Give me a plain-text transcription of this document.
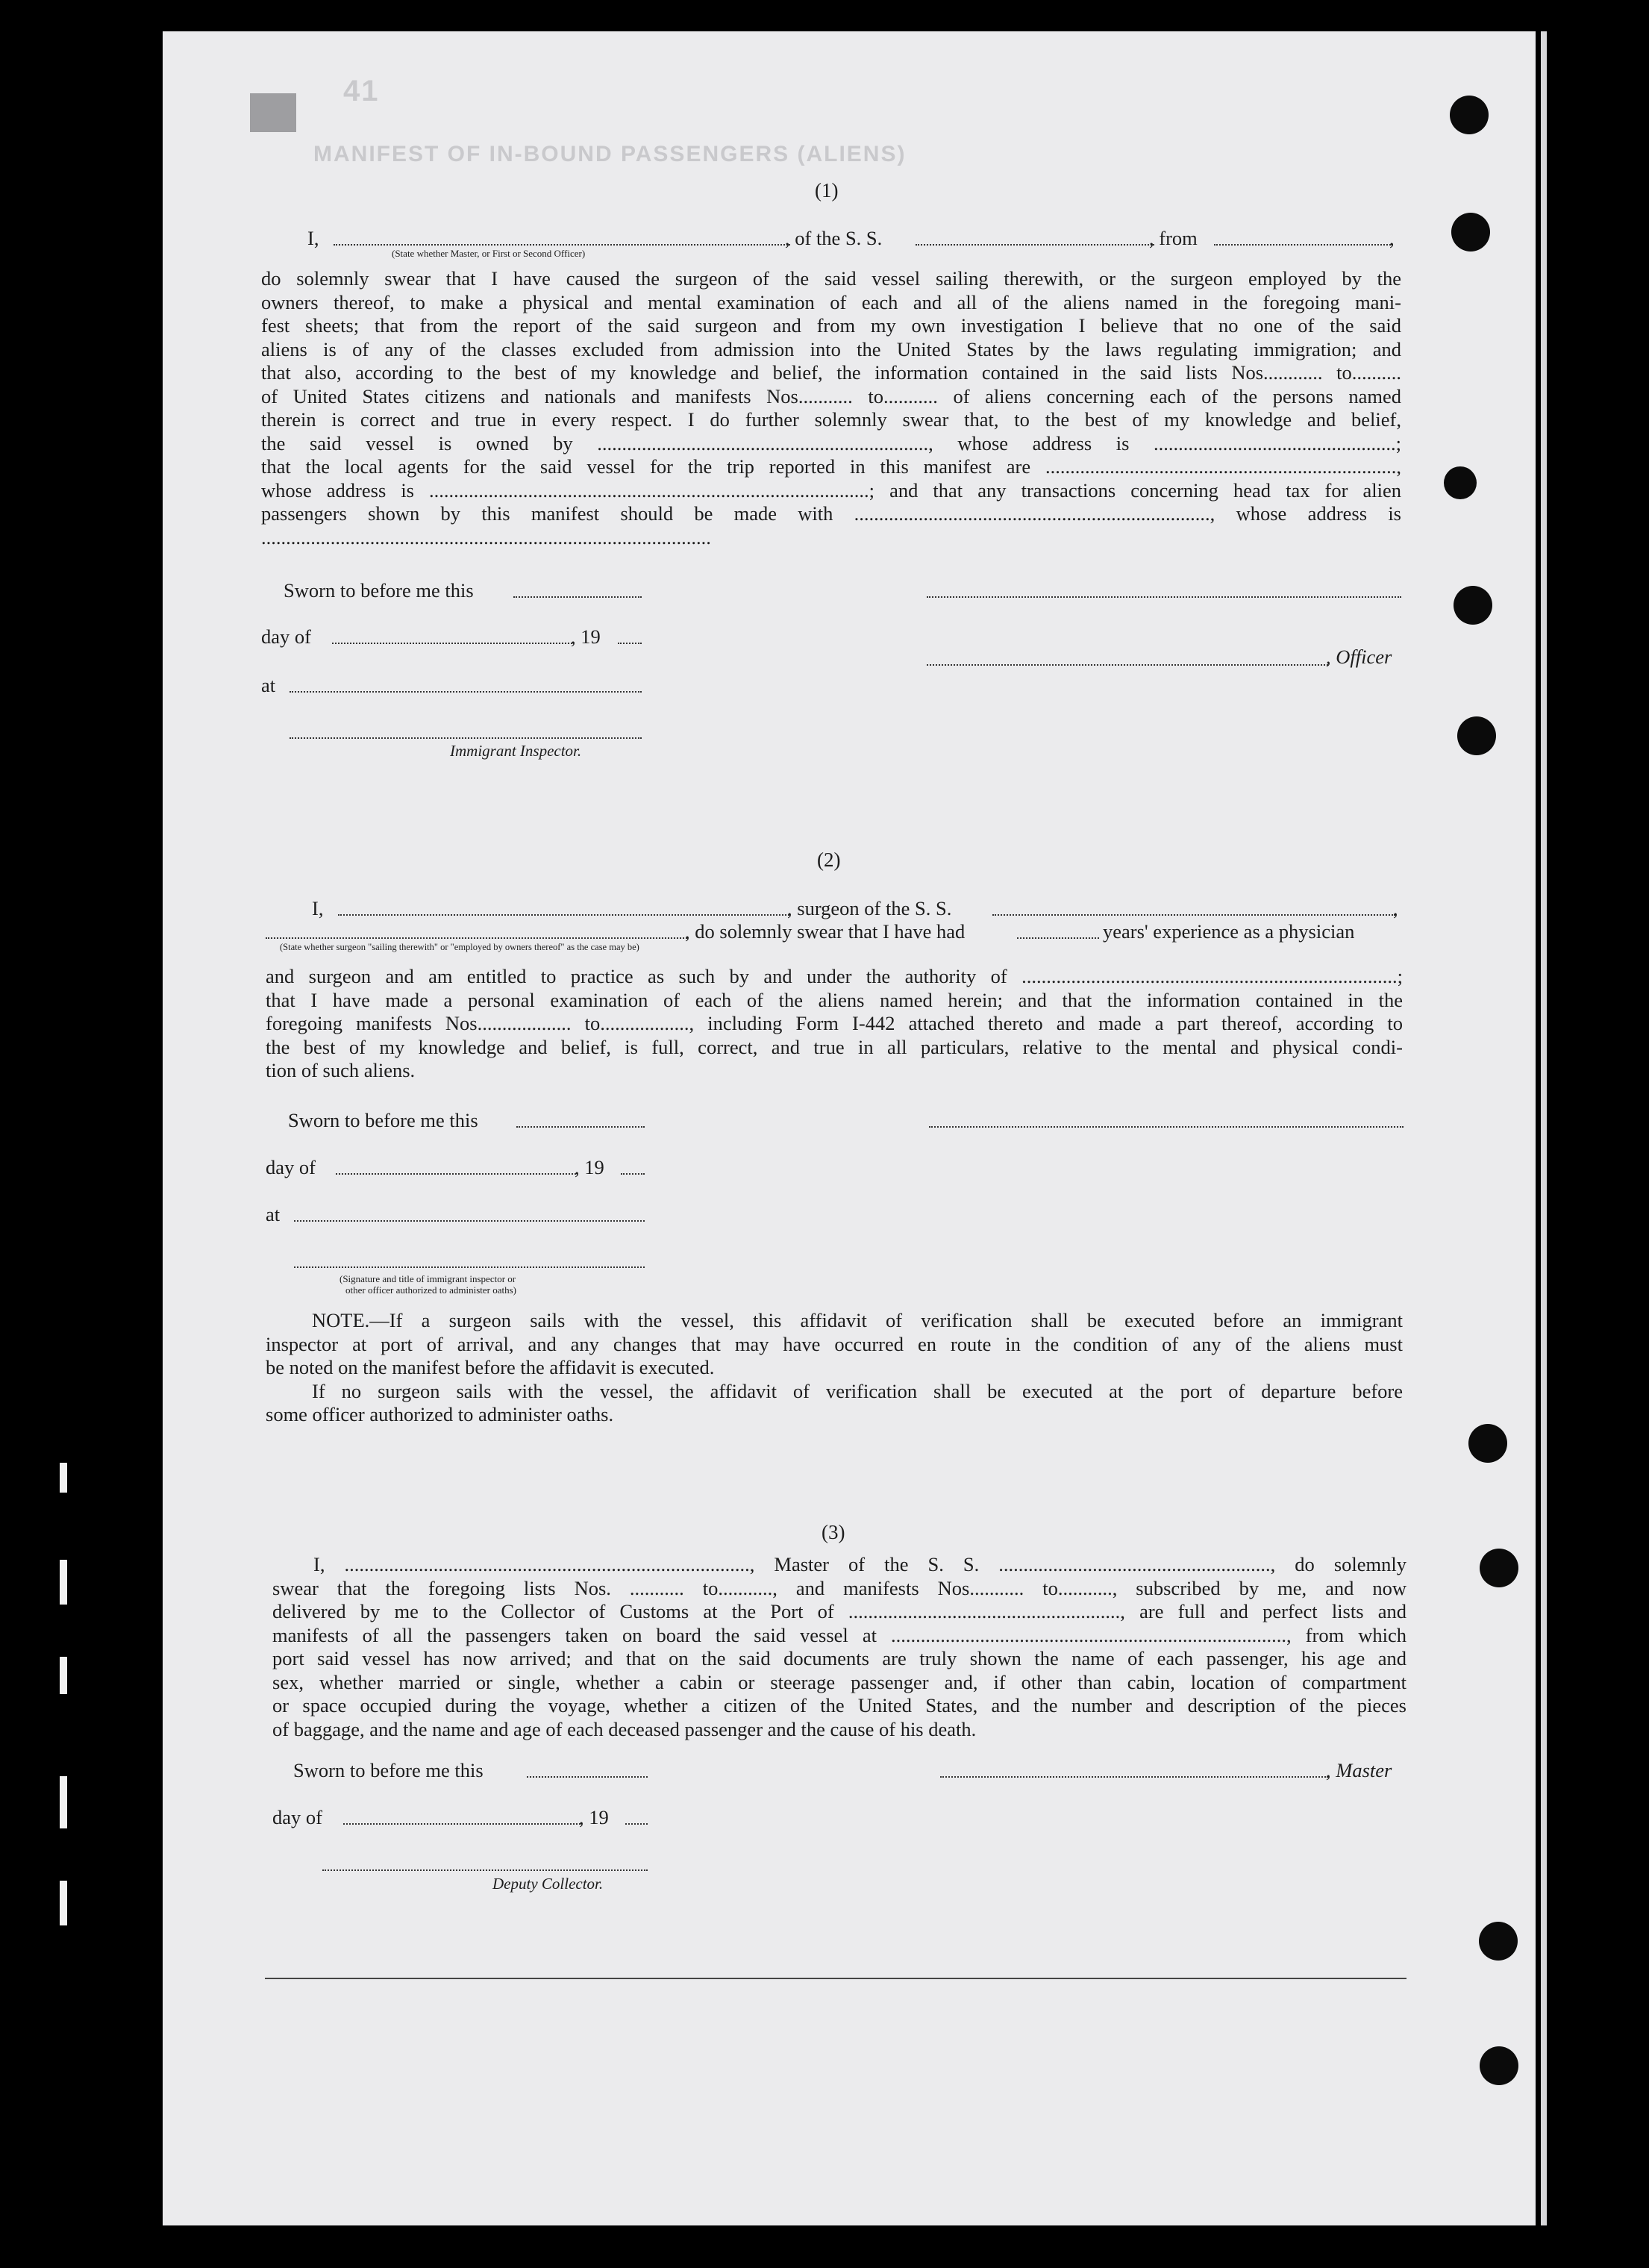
MANIFEST OF IN-BOUND PASSENGERS (ALIENS)
41
(1)
I,	, of the S. S.	, from	,
(State whether Master, or First or Second Officer)
do solemnly swear that I have caused the surgeon of the said vessel sailing therewith, or the surgeon employed by the
owners thereof, to make a physical and mental examination of each and all of the aliens named in the foregoing mani-
fest sheets; that from the report of the said surgeon and from my own investigation I believe that no one of the said
aliens is of any of the classes excluded from admission into the United States by the laws regulating immigration; and
that also, according to the best of my knowledge and belief, the information contained in the said lists Nos............ to..........
of United States citizens and nationals and manifests Nos........... to........... of aliens concerning each of the persons named
therein is correct and true in every respect. I do further solemnly swear that, to the best of my knowledge and belief,
the said vessel is owned by ..................................................................., whose address is .................................................;
that the local agents for the said vessel for the trip reported in this manifest are .......................................................................,
whose address is .........................................................................................; and that any transactions concerning head tax for alien
passengers shown by this manifest should be made with ........................................................................, whose address is
...........................................................................................
Sworn to before me this
day of	, 19
, Officer
at
Immigrant Inspector.
(2)
I,	, surgeon of the S. S.	,
, do solemnly swear that I have had	years' experience as a physician
(State whether surgeon "sailing therewith" or "employed by owners thereof" as the case may be)
and surgeon and am entitled to practice as such by and under the authority of ............................................................................;
that I have made a personal examination of each of the aliens named herein; and that the information contained in the
foregoing manifests Nos................... to.................., including Form I-442 attached thereto and made a part thereof, according to
the best of my knowledge and belief, is full, correct, and true in all particulars, relative to the mental and physical condi-
tion of such aliens.
Sworn to before me this
day of	, 19
at
(Signature and title of immigrant inspector or
other officer authorized to administer oaths)
NOTE.—If a surgeon sails with the vessel, this affidavit of verification shall be executed before an immigrant
inspector at port of arrival, and any changes that may have occurred en route in the condition of any of the aliens must
be noted on the manifest before the affidavit is executed.
If no surgeon sails with the vessel, the affidavit of verification shall be executed at the port of departure before
some officer authorized to administer oaths.
(3)
I, .................................................................................., Master of the S. S. ......................................................., do solemnly
swear that the foregoing lists Nos. ........... to..........., and manifests Nos........... to..........., subscribed by me, and now
delivered by me to the Collector of Customs at the Port of ......................................................., are full and perfect lists and
manifests of all the passengers taken on board the said vessel at ................................................................................, from which
port said vessel has now arrived; and that on the said documents are truly shown the name of each passenger, his age and
sex, whether married or single, whether a cabin or steerage passenger and, if other than cabin, location of compartment
or space occupied during the voyage, whether a citizen of the United States, and the number and description of the pieces
of baggage, and the name and age of each deceased passenger and the cause of his death.
Sworn to before me this	, Master
day of	, 19
Deputy Collector.
